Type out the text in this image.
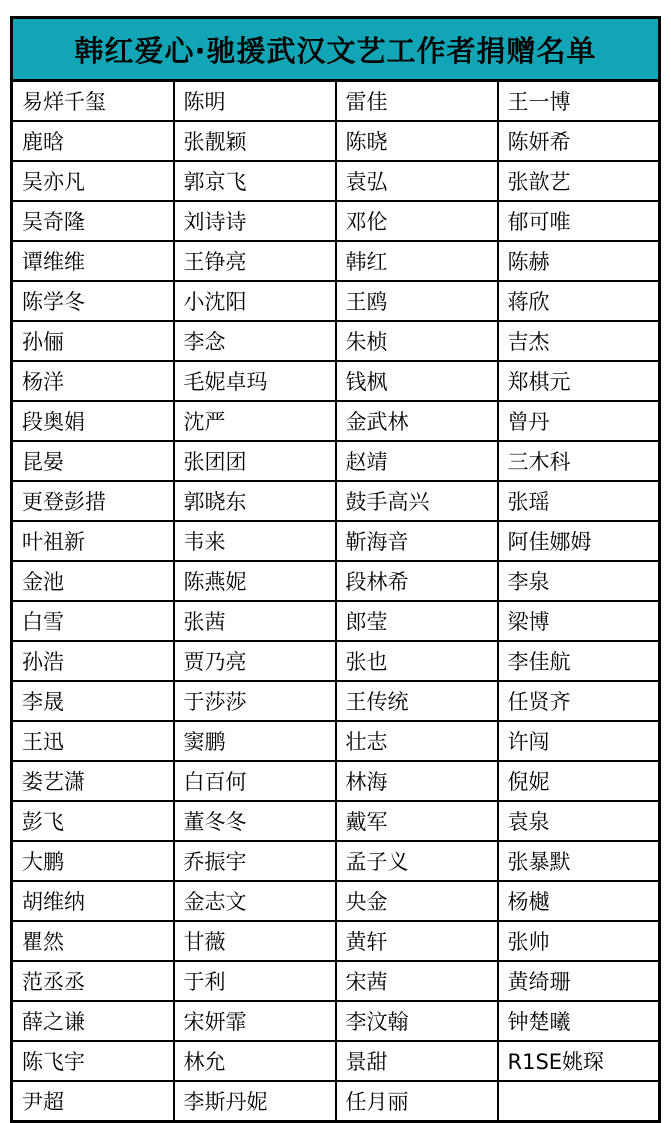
韩红爱心·驰援武汉文艺工作者捐赠名单			
易烊千玺	陈明	雷佳	王一博
鹿晗	张靓颖	陈晓	陈妍希
吴亦凡	郭京飞	袁弘	张歆艺
吴奇隆	刘诗诗	邓伦	郁可唯
谭维维	王铮亮	韩红	陈赫
陈学冬	小沈阳	王鸥	蒋欣
孙俪	李念	朱桢	吉杰
杨洋	毛妮卓玛	钱枫	郑棋元
段奥娟	沈严	金武林	曾丹
昆晏	张团团	赵靖	三木科
更登彭措	郭晓东	鼓手高兴	张瑶
叶祖新	韦来	靳海音	阿佳娜姆
金池	陈燕妮	段林希	李泉
白雪	张茜	郎莹	梁博
孙浩	贾乃亮	张也	李佳航
李晟	于莎莎	王传统	任贤齐
王迅	窦鹏	壮志	许闯
娄艺潇	白百何	林海	倪妮
彭飞	董冬冬	戴军	袁泉
大鹏	乔振宇	孟子义	张暴默
胡维纳	金志文	央金	杨樾
瞿然	甘薇	黄轩	张帅
范丞丞	于利	宋茜	黄绮珊
薛之谦	宋妍霏	李汶翰	钟楚曦
陈飞宇	林允	景甜	R1SE姚琛
尹超	李斯丹妮	任月丽	
